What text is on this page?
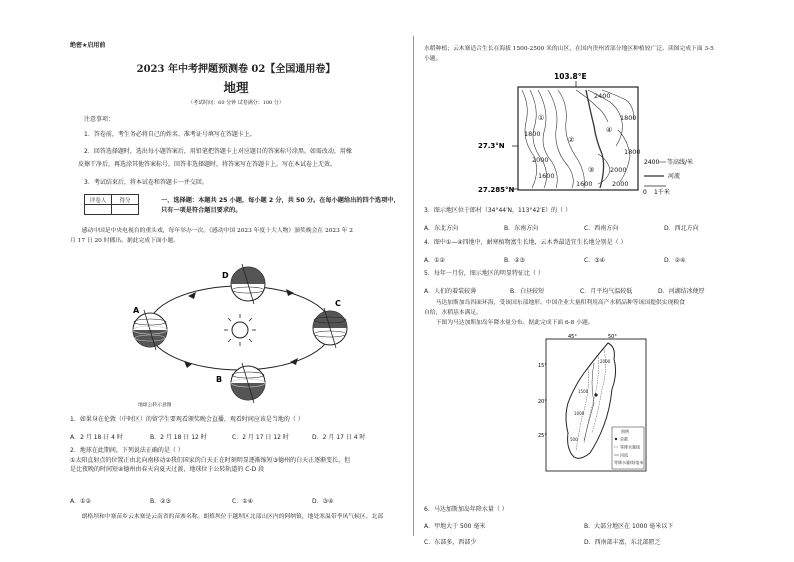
绝密★启用前
2023 年中考押题预测卷 02【全国通用卷】
地理
（考试时间：60 分钟 试卷满分：100 分）
注意事项：
1．答卷前，考生务必将自己的姓名、准考证号填写在答题卡上。
2．回答选择题时，选出每小题答案后，用铅笔把答题卡上对应题目的答案标号涂黑。如需改动，用橡
皮擦干净后，再选涂其他答案标号。回答非选择题时，将答案写在答题卡上。写在本试卷上无效。
3．考试结束后，将本试卷和答题卡一并交回。
评卷人	得分
		一、选择题：本题共 25 小题，每小题 2 分，共 50 分。在每小题给出的四个选项中，
只有一项是符合题目要求的。
　　感动中国是中央电视台的重头戏，每年举办一次。《感动中国 2023 年度十大人物》颁奖晚会在 2023 年 2
月 17 日 20 时播出。据此完成下面小题。
A
B
C
D
地球公转示意图
1．如果身在伦敦（中时区）的留学生要观看颁奖晚会直播，观看时间应该是当地的（ ）
A．2 月 18 日 4 时	B．2 月 18 日 12 时	C．2 月 17 日 12 时	D．2 月 17 日 4 时
2．地球在此期间，下列说法正确的是（ ）
①太阳直射点的位置正由北向南移动②我们国家的白天正在时刻明显逐渐缩短③德州的白天正逐渐变长，但
是比夜晚的时间短④德州由春天向夏天过渡，地球位于公转轨道的 C-D 段
A．①②	B．②③	C．①④	D．③④
　　朗格坝和中寨苗乡云木寨是云南省的苗寨名称。朗格坝位于越坝区北部山区内的阿纳镇，地处寒温带季风气候区。北部
水稻种植；云木寨适合生长在海拔 1500-2500 米的山区，在国内贵州省部分地区种植较广泛。读图完成下面 3-5
小题。
103.8°E
2400
1800
1800
2000
1600
1600	2000
1800
2000
①
②
③
④
27.3°N
27.285°N
2400 等高线/米
河流
0 1千米
3．图示地区位于郎村（34°44′N，113°42′E）的（ ）
A．东北方向	B．东南方向	C．西南方向	D．西北方向
4．图中①—④四地中，耐寒植物富生长地，云木香最适宜生长地分别是（ ）
A．①②	B．②③	C．③④	D．②④
5．每年一月份，图示地区的明显特征比（ ）
A．人们的着装较薄	B．白昼较短	C．月平均气温较低	D．河湖结冰便厚
　　马达加斯加岛四面环海，受该国东部地形、中国企业大量积利用高产水稻品种等该国提供实现粮食
自给，水稻基本满足。
　　下图为马达加斯加岛年降水量分布。据此完成下面 6-8 小题。
45°	50°
15°
20°
25°
2000
1500
1000
500
图例
首都
等降水量线
河流
等降水量线/毫米
6．马达加斯加岛年降水量（ ）
A．甲地大于 500 毫米	B．大部分地区在 1000 毫米以下
C．东部多，西部少	D．西南部丰富，东北部匮乏
